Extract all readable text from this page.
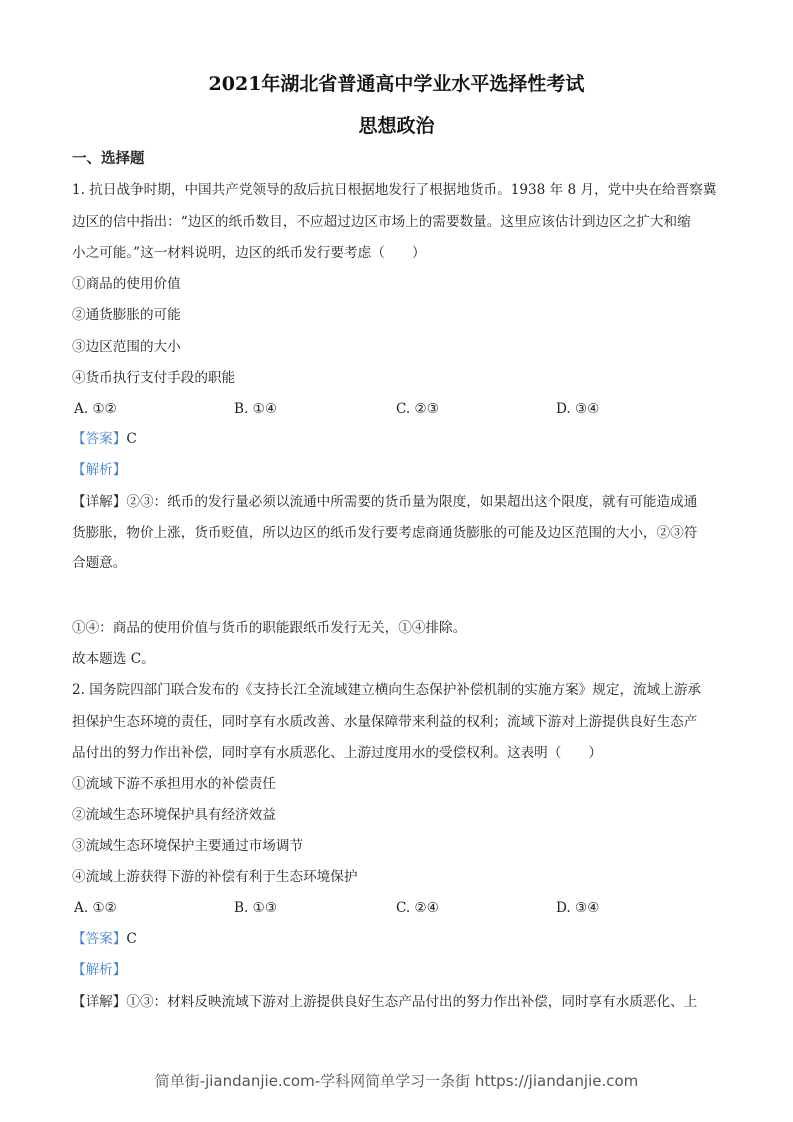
2021年湖北省普通高中学业水平选择性考试
思想政治
一、选择题
1. 抗日战争时期，中国共产党领导的敌后抗日根据地发行了根据地货币。1938 年 8 月，党中央在给晋察冀
边区的信中指出：“边区的纸币数目，不应超过边区市场上的需要数量。这里应该估计到边区之扩大和缩
小之可能。”这一材料说明，边区的纸币发行要考虑（　　）
①商品的使用价值
②通货膨胀的可能
③边区范围的大小
④货币执行支付手段的职能
A. ①②	B. ①④	C. ②③	D. ③④
【答案】C
【解析】
【详解】②③：纸币的发行量必须以流通中所需要的货币量为限度，如果超出这个限度，就有可能造成通
货膨胀，物价上涨，货币贬值，所以边区的纸币发行要考虑商通货膨胀的可能及边区范围的大小，②③符
合题意。
①④：商品的使用价值与货币的职能跟纸币发行无关，①④排除。
故本题选 C。
2. 国务院四部门联合发布的《支持长江全流域建立横向生态保护补偿机制的实施方案》规定，流域上游承
担保护生态环境的责任，同时享有水质改善、水量保障带来利益的权利；流域下游对上游提供良好生态产
品付出的努力作出补偿，同时享有水质恶化、上游过度用水的受偿权利。这表明（　　）
①流域下游不承担用水的补偿责任
②流域生态环境保护具有经济效益
③流域生态环境保护主要通过市场调节
④流域上游获得下游的补偿有利于生态环境保护
A. ①②	B. ①③	C. ②④	D. ③④
【答案】C
【解析】
【详解】①③：材料反映流域下游对上游提供良好生态产品付出的努力作出补偿，同时享有水质恶化、上
简单街-jiandanjie.com-学科网简单学习一条街 https://jiandanjie.com
